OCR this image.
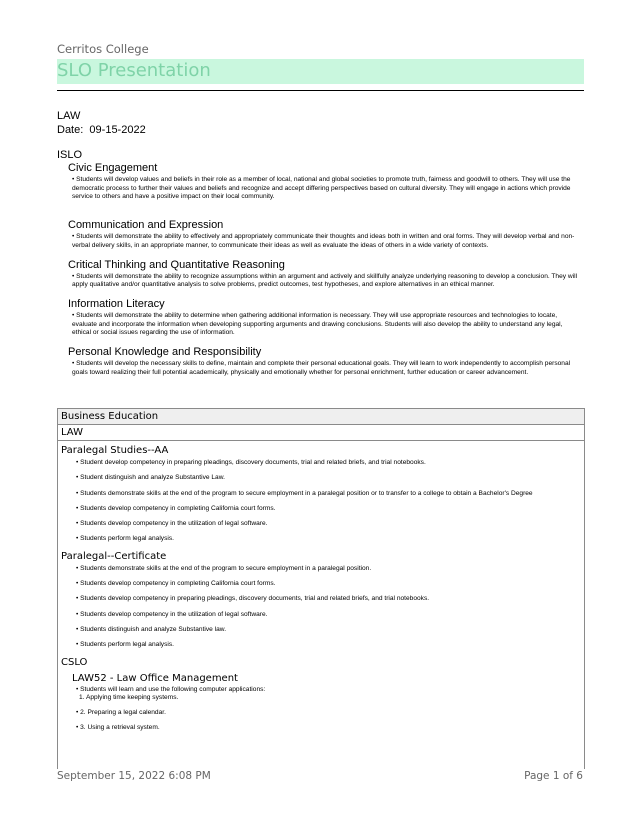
Cerritos College
SLO Presentation
LAW
Date: 09-15-2022
ISLO
Civic Engagement
• Students will develop values and beliefs in their role as a member of local, national and global societies to promote truth, fairness and goodwill to others. They will use the democratic process to further their values and beliefs and recognize and accept differing perspectives based on cultural diversity. They will engage in actions which provide service to others and have a positive impact on their local community.
Communication and Expression
• Students will demonstrate the ability to effectively and appropriately communicate their thoughts and ideas both in written and oral forms. They will develop verbal and non-verbal delivery skills, in an appropriate manner, to communicate their ideas as well as evaluate the ideas of others in a wide variety of contexts.
Critical Thinking and Quantitative Reasoning
• Students will demonstrate the ability to recognize assumptions within an argument and actively and skillfully analyze underlying reasoning to develop a conclusion. They will apply qualitative and/or quantitative analysis to solve problems, predict outcomes, test hypotheses, and explore alternatives in an ethical manner.
Information Literacy
• Students will demonstrate the ability to determine when gathering additional information is necessary. They will use appropriate resources and technologies to locate, evaluate and incorporate the information when developing supporting arguments and drawing conclusions. Students will also develop the ability to understand any legal, ethical or social issues regarding the use of information.
Personal Knowledge and Responsibility
• Students will develop the necessary skills to define, maintain and complete their personal educational goals. They will learn to work independently to accomplish personal goals toward realizing their full potential academically, physically and emotionally whether for personal enrichment, further education or career advancement.
Business Education
LAW
Paralegal Studies--AA
• Student develop competency in preparing pleadings, discovery documents, trial and related briefs, and trial notebooks.
• Student distinguish and analyze Substantive Law.
• Students demonstrate skills at the end of the program to secure employment in a paralegal position or to transfer to a college to obtain a Bachelor's Degree
• Students develop competency in completing California court forms.
• Students develop competency in the utilization of legal software.
• Students perform legal analysis.
Paralegal--Certificate
• Students demonstrate skills at the end of the program to secure employment in a paralegal position.
• Students develop competency in completing California court forms.
• Students develop competency in preparing pleadings, discovery documents, trial and related briefs, and trial notebooks.
• Students develop competency in the utilization of legal software.
• Students distinguish and analyze Substantive law.
• Students perform legal analysis.
CSLO
LAW52 - Law Office Management
• Students will learn and use the following computer applications:
1. Applying time keeping systems.
• 2. Preparing a legal calendar.
• 3. Using a retrieval system.
September 15, 2022 6:08 PM	Page 1 of 6
